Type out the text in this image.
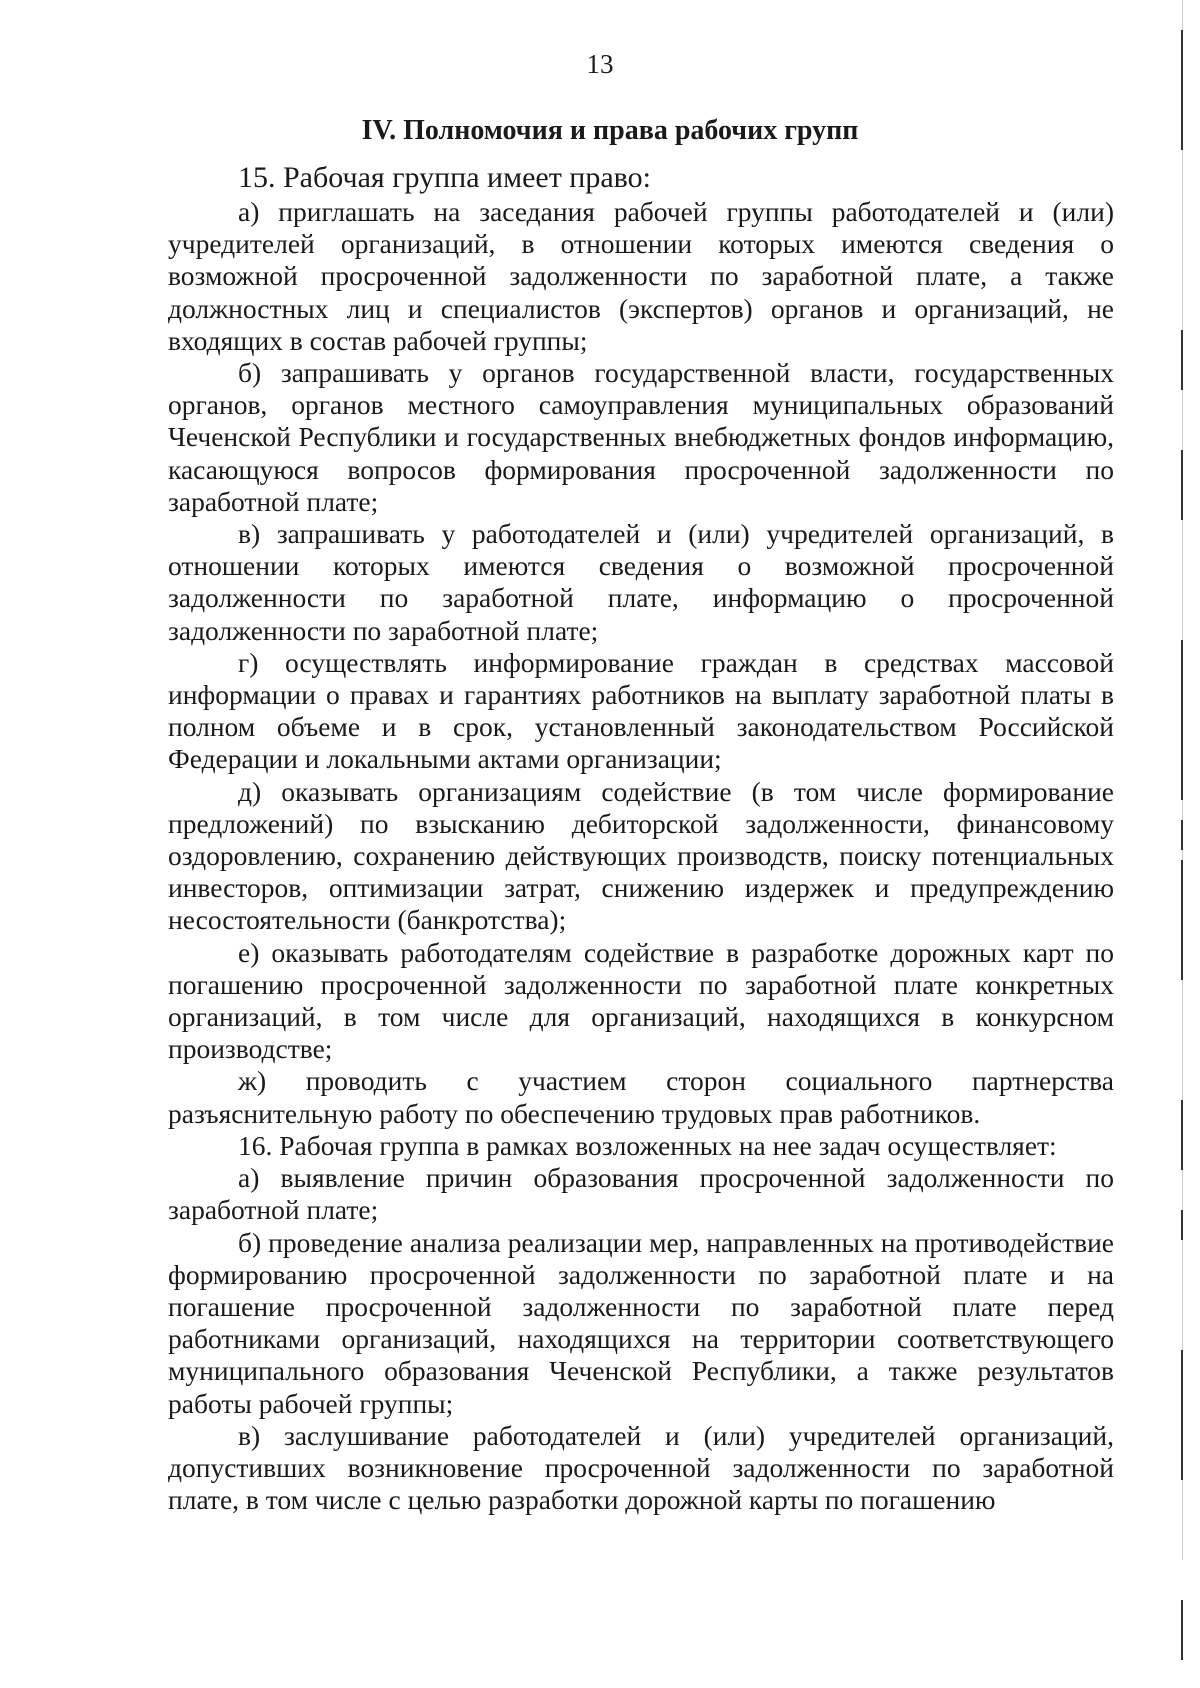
13
IV. Полномочия и права рабочих групп

15. Рабочая группа имеет право:

а) приглашать на заседания рабочей группы работодателей и (или) учредителей организаций, в отношении которых имеются сведения о возможной просроченной задолженности по заработной плате, а также должностных лиц и специалистов (экспертов) органов и организаций, не входящих в состав рабочей группы;

б) запрашивать у органов государственной власти, государственных органов, органов местного самоуправления муниципальных образований Чеченской Республики и государственных внебюджетных фондов информацию, касающуюся вопросов формирования просроченной задолженности по заработной плате;

в) запрашивать у работодателей и (или) учредителей организаций, в отношении которых имеются сведения о возможной просроченной задолженности по заработной плате, информацию о просроченной задолженности по заработной плате;

г) осуществлять информирование граждан в средствах массовой информации о правах и гарантиях работников на выплату заработной платы в полном объеме и в срок, установленный законодательством Российской Федерации и локальными актами организации;

д) оказывать организациям содействие (в том числе формирование предложений) по взысканию дебиторской задолженности, финансовому оздоровлению, сохранению действующих производств, поиску потенциальных инвесторов, оптимизации затрат, снижению издержек и предупреждению несостоятельности (банкротства);

е) оказывать работодателям содействие в разработке дорожных карт по погашению просроченной задолженности по заработной плате конкретных организаций, в том числе для организаций, находящихся в конкурсном производстве;

ж) проводить с участием сторон социального партнерства разъяснительную работу по обеспечению трудовых прав работников.

16. Рабочая группа в рамках возложенных на нее задач осуществляет:

а) выявление причин образования просроченной задолженности по заработной плате;

б) проведение анализа реализации мер, направленных на противодействие формированию просроченной задолженности по заработной плате и на погашение просроченной задолженности по заработной плате перед работниками организаций, находящихся на территории соответствующего муниципального образования Чеченской Республики, а также результатов работы рабочей группы;

в) заслушивание работодателей и (или) учредителей организаций, допустивших возникновение просроченной задолженности по заработной плате, в том числе с целью разработки дорожной карты по погашению
